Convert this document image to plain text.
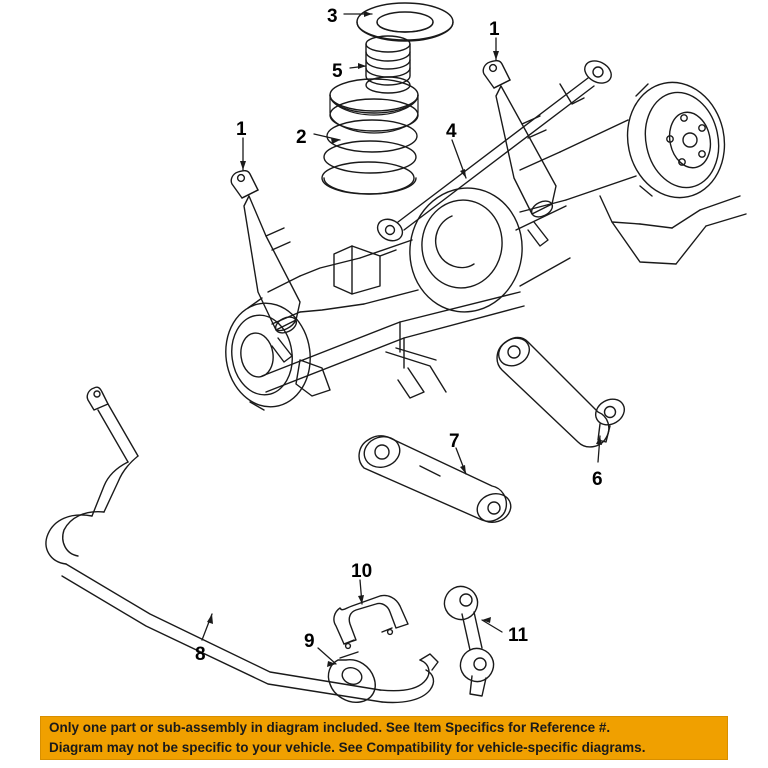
1
1
2
3
4
5
6
7
8
9
10
11
Only one part or sub-assembly in diagram included. See Item Specifics for Reference #.
Diagram may not be specific to your vehicle. See Compatibility for vehicle-specific diagrams.
